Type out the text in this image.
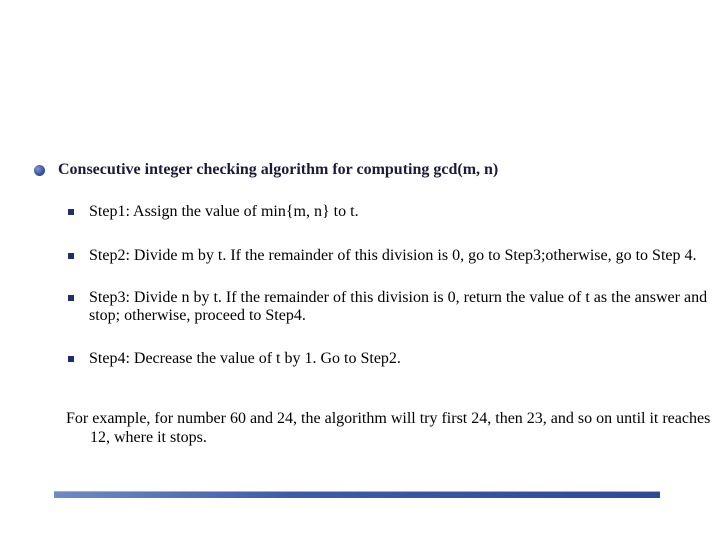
Consecutive integer checking algorithm for computing gcd(m, n)
Step1: Assign the value of min{m, n} to t.
Step2: Divide m by t. If the remainder of this division is 0, go to Step3;otherwise, go to Step 4.
Step3: Divide n by t. If the remainder of this division is 0, return the value of t as the answer and stop; otherwise, proceed to Step4.
Step4: Decrease the value of t by 1. Go to Step2.
For example, for number 60 and 24, the algorithm will try first 24, then 23, and so on until it reaches 12, where it stops.
